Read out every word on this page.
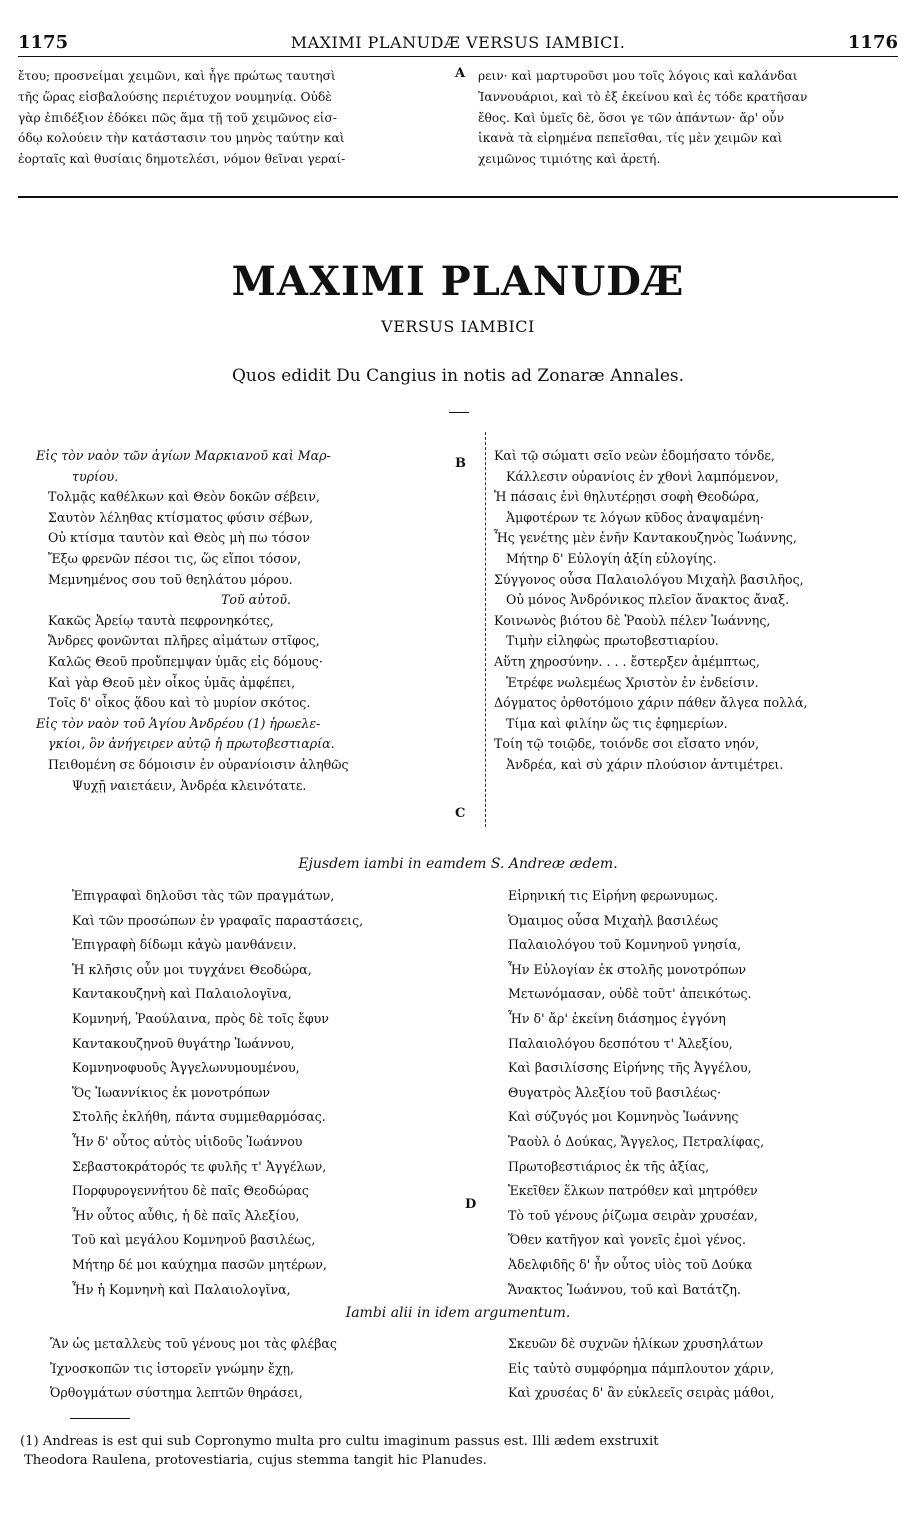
1175	MAXIMI PLANUDÆ VERSUS IAMBICI.	1176
ἔτου; προσνείμαι χειμῶνι, καὶ ἦγε πρώτως ταυτησὶ
τῆς ὥρας εἰσβαλούσης περιέτυχον νουμηνίᾳ. Οὐδὲ
γὰρ ἐπιδέξιον ἐδόκει πῶς ἅμα τῇ τοῦ χειμῶνος εἰσ-
όδῳ κολούειν τὴν κατάστασιν του μηνὸς ταύτην καὶ
ἑορταῖς καὶ θυσίαις δημοτελέσι, νόμον θεῖναι γεραί-
A ρειν· καὶ μαρτυροῦσι μου τοῖς λόγοις καὶ καλάνδαι
Ἰαννουάριοι, καὶ τὸ ἐξ ἐκείνου καὶ ἐς τόδε κρατῆσαν
ἔθος. Καὶ ὑμεῖς δὲ, ὅσοι γε τῶν ἀπάντων· ἄρ' οὖν
ἱκανὰ τὰ εἰρημένα πεπεῖσθαι, τίς μὲν χειμῶν καὶ
χειμῶνος τιμιότης καὶ ἀρετή.
MAXIMI PLANUDÆ
VERSUS IAMBICI
Quos edidit Du Cangius in notis ad Zonaræ Annales.
Εἰς τὸν ναὸν τῶν ἁγίων Μαρκιανοῦ καὶ Μαρ-
τυρίου.
Τολμᾷς καθέλκων καὶ Θεὸν δοκῶν σέβειν,
Σαυτὸν λέληθας κτίσματος φύσιν σέβων,
Οὐ κτίσμα ταυτὸν καὶ Θεὸς μὴ πω τόσον
Ἔξω φρενῶν πέσοι τις, ὥς εἴποι τόσον,
Μεμνημένος σου τοῦ θεηλάτου μόρου.
Τοῦ αὐτοῦ.
Κακῶς Ἀρείῳ ταυτὰ πεφρονηκότες,
Ἄνδρες φονῶνται πλῆρες αἱμάτων στῖφος,
Καλῶς Θεοῦ προὔπεμψαν ὑμᾶς εἰς δόμους·
Καὶ γὰρ Θεοῦ μὲν οἶκος ὑμᾶς ἀμφέπει,
Τοῖς δ' οἶκος ᾅδου καὶ τὸ μυρίον σκότος.
Εἰς τὸν ναὸν τοῦ Ἁγίου Ἀνδρέου (1) ἡρωελε-
γκίοι, ὃν ἀνήγειρεν αὐτῷ ἡ πρωτοβεστιαρία.
Πειθομένη σε δόμοισιν ἐν οὐρανίοισιν ἀληθῶς
Ψυχῇ ναιετάειν, Ἀνδρέα κλεινότατε.
B
C
Καὶ τῷ σώματι σεῖο νεὼν ἐδομήσατο τόνδε,
Κάλλεσιν οὐρανίοις ἐν χθονὶ λαμπόμενον,
Ἡ πάσαις ἐνὶ θηλυτέρῃσι σοφὴ Θεοδώρα,
Ἀμφοτέρων τε λόγων κῦδος ἀναψαμένη·
Ἧς γενέτης μὲν ἐνῆν Καντακουζηνὸς Ἰωάννης,
Μήτηρ δ' Εὐλογίη ἀξίη εὐλογίης.
Σύγγονος οὖσα Παλαιολόγου Μιχαὴλ βασιλῆος,
Οὐ μόνος Ἀνδρόνικος πλεῖον ἄνακτος ἄναξ.
Κοινωνὸς βιότου δὲ Ῥαοὺλ πέλεν Ἰωάννης,
Τιμὴν εἰληφὼς πρωτοβεστιαρίου.
Αὕτη χηροσύνην. . . . ἔστερξεν ἀμέμπτως,
Ἐτρέφε νωλεμέως Χριστὸν ἐν ἐνδείσιν.
Δόγματος ὀρθοτόμοιο χάριν πάθεν ἄλγεα πολλά,
Τίμα καὶ φιλίην ὥς τις ἐφημερίων.
Τοίη τῷ τοιῷδε, τοιόνδε σοι εἴσατο νηόν,
Ἀνδρέα, καὶ σὺ χάριν πλούσιον ἀντιμέτρει.
Ejusdem iambi in eamdem S. Andreæ ædem.
Ἐπιγραφαὶ δηλοῦσι τὰς τῶν πραγμάτων,
Καὶ τῶν προσώπων ἐν γραφαῖς παραστάσεις,
Ἐπιγραφὴ δίδωμι κἀγὼ μανθάνειν.
Ἡ κλῆσις οὖν μοι τυγχάνει Θεοδώρα,
Καντακουζηνὴ καὶ Παλαιολογῖνα,
Κομνηνή, Ῥαούλαινα, πρὸς δὲ τοῖς ἔφυν
Καντακουζηνοῦ θυγάτηρ Ἰωάννου,
Κομνηνοφυοῦς Ἀγγελωνυμουμένου,
Ὅς Ἰωαννίκιος ἐκ μονοτρόπων
Στολῆς ἐκλήθη, πάντα συμμεθαρμόσας.
Ἦν δ' οὗτος αὐτὸς υἱιδοῦς Ἰωάννου
Σεβαστοκράτορός τε φυλῆς τ' Ἀγγέλων,
Πορφυρογεννήτου δὲ παῖς Θεοδώρας
Ἦν οὗτος αὖθις, ἡ δὲ παῖς Ἀλεξίου,
Τοῦ καὶ μεγάλου Κομνηνοῦ βασιλέως,
Μήτηρ δέ μοι καύχημα πασῶν μητέρων,
Ἦν ἡ Κομνηνὴ καὶ Παλαιολογῖνα,
D
Εἰρηνική τις Εἰρήνη φερωνυμως.
Ὁμαιμος οὖσα Μιχαὴλ βασιλέως
Παλαιολόγου τοῦ Κομνηνοῦ γνησία,
Ἦν Εὐλογίαν ἐκ στολῆς μονοτρόπων
Μετωνόμασαν, οὐδὲ τοῦτ' ἀπεικότως.
Ἦν δ' ἄρ' ἐκείνη διάσημος ἐγγόνη
Παλαιολόγου δεσπότου τ' Ἀλεξίου,
Καὶ βασιλίσσης Εἰρήνης τῆς Ἀγγέλου,
Θυγατρὸς Ἀλεξίου τοῦ βασιλέως·
Καὶ σύζυγός μοι Κομνηνὸς Ἰωάννης
Ῥαοὺλ ὁ Δούκας, Ἄγγελος, Πετραλίφας,
Πρωτοβεστιάριος ἐκ τῆς ἀξίας,
Ἐκεῖθεν ἕλκων πατρόθεν καὶ μητρόθεν
Τὸ τοῦ γένους ῥίζωμα σειρὰν χρυσέαν,
Ὅθεν κατῆγον καὶ γονεῖς ἐμοὶ γένος.
Ἀδελφιδῆς δ' ἦν οὗτος υἱὸς τοῦ Δούκα
Ἄνακτος Ἰωάννου, τοῦ καὶ Βατάτζη.
Iambi alii in idem argumentum.
Ἂν ὡς μεταλλεὺς τοῦ γένους μοι τὰς φλέβας
Ἰχνοσκοπῶν τις ἱστορεῖν γνώμην ἔχῃ,
Ὀρθογμάτων σύστημα λεπτῶν θηράσει,
Σκευῶν δὲ συχνῶν ἡλίκων χρυσηλάτων
Εἰς ταὐτὸ συμφόρημα πάμπλουτον χάριν,
Καὶ χρυσέας δ' ἂν εὐκλεεῖς σειρὰς μάθοι,
(1) Andreas is est qui sub Copronymo multa pro cultu imaginum passus est. Illi ædem exstruxit
Theodora Raulena, protovestiaria, cujus stemma tangit hic Planudes.
